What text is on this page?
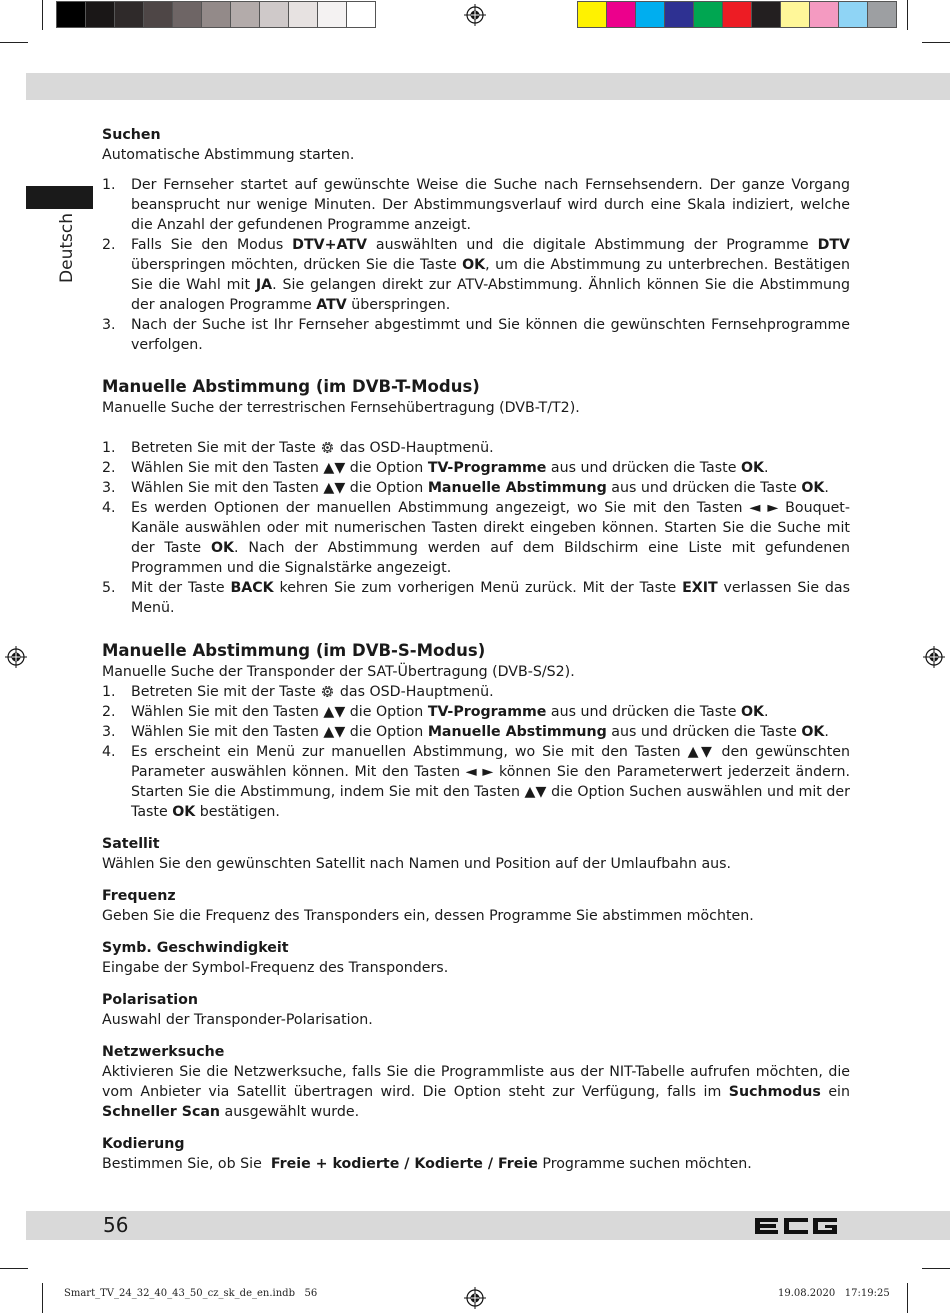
Deutsch

Suchen

Automatische Abstimmung starten.

1. Der Fernseher startet auf gewünschte Weise die Suche nach Fernsehsendern. Der ganze Vorgang beansprucht nur wenige Minuten. Der Abstimmungsverlauf wird durch eine Skala indiziert, welche die Anzahl der gefundenen Programme anzeigt.
2. Falls Sie den Modus DTV+ATV auswählten und die digitale Abstimmung der Programme DTV überspringen möchten, drücken Sie die Taste OK, um die Abstimmung zu unterbrechen. Bestätigen Sie die Wahl mit JA. Sie gelangen direkt zur ATV-Abstimmung. Ähnlich können Sie die Abstimmung der analogen Programme ATV überspringen.
3. Nach der Suche ist Ihr Fernseher abgestimmt und Sie können die gewünschten Fernsehprogramme verfolgen.

Manuelle Abstimmung (im DVB-T-Modus)

Manuelle Suche der terrestrischen Fernsehübertragung (DVB-T/T2).

1. Betreten Sie mit der Taste  das OSD-Hauptmenü.
2. Wählen Sie mit den Tasten ▲▼ die Option TV-Programme aus und drücken die Taste OK.
3. Wählen Sie mit den Tasten ▲▼ die Option Manuelle Abstimmung aus und drücken die Taste OK.
4. Es werden Optionen der manuellen Abstimmung angezeigt, wo Sie mit den Tasten ◄ ► Bouquet-Kanäle auswählen oder mit numerischen Tasten direkt eingeben können. Starten Sie die Suche mit der Taste OK. Nach der Abstimmung werden auf dem Bildschirm eine Liste mit gefundenen Programmen und die Signalstärke angezeigt.
5. Mit der Taste BACK kehren Sie zum vorherigen Menü zurück. Mit der Taste EXIT verlassen Sie das Menü.

Manuelle Abstimmung (im DVB-S-Modus)

Manuelle Suche der Transponder der SAT-Übertragung (DVB-S/S2).

1. Betreten Sie mit der Taste  das OSD-Hauptmenü.
2. Wählen Sie mit den Tasten ▲▼ die Option TV-Programme aus und drücken die Taste OK.
3. Wählen Sie mit den Tasten ▲▼ die Option Manuelle Abstimmung aus und drücken die Taste OK.
4. Es erscheint ein Menü zur manuellen Abstimmung, wo Sie mit den Tasten ▲▼ den gewünschten Parameter auswählen können. Mit den Tasten ◄ ► können Sie den Parameterwert jederzeit ändern. Starten Sie die Abstimmung, indem Sie mit den Tasten ▲▼ die Option Suchen auswählen und mit der Taste OK bestätigen.

Satellit

Wählen Sie den gewünschten Satellit nach Namen und Position auf der Umlaufbahn aus.

Frequenz

Geben Sie die Frequenz des Transponders ein, dessen Programme Sie abstimmen möchten.

Symb. Geschwindigkeit

Eingabe der Symbol-Frequenz des Transponders.

Polarisation

Auswahl der Transponder-Polarisation.

Netzwerksuche

Aktivieren Sie die Netzwerksuche, falls Sie die Programmliste aus der NIT-Tabelle aufrufen möchten, die vom Anbieter via Satellit übertragen wird. Die Option steht zur Verfügung, falls im Suchmodus ein Schneller Scan ausgewählt wurde.

Kodierung

Bestimmen Sie, ob Sie  Freie + kodierte / Kodierte / Freie Programme suchen möchten.

56
Smart_TV_24_32_40_43_50_cz_sk_de_en.indb   56	19.08.2020   17:19:25
